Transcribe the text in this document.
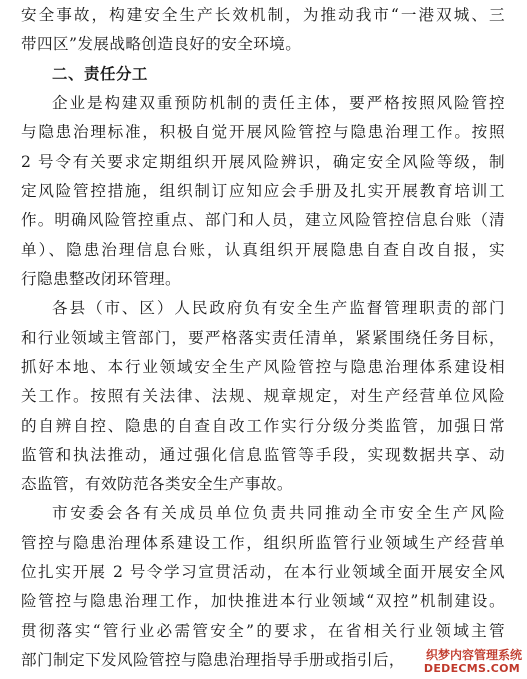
安全事故，构建安全生产长效机制，为推动我市“一港双城、三
带四区”发展战略创造良好的安全环境。
二、责任分工
企业是构建双重预防机制的责任主体，要严格按照风险管控
与隐患治理标准，积极自觉开展风险管控与隐患治理工作。按照
2 号令有关要求定期组织开展风险辨识，确定安全风险等级，制
定风险管控措施，组织制订应知应会手册及扎实开展教育培训工
作。明确风险管控重点、部门和人员，建立风险管控信息台账（清
单）、隐患治理信息台账，认真组织开展隐患自查自改自报，实
行隐患整改闭环管理。
各县（市、区）人民政府负有安全生产监督管理职责的部门
和行业领域主管部门，要严格落实责任清单，紧紧围绕任务目标，
抓好本地、本行业领域安全生产风险管控与隐患治理体系建设相
关工作。按照有关法律、法规、规章规定，对生产经营单位风险
的自辨自控、隐患的自查自改工作实行分级分类监管，加强日常
监管和执法推动，通过强化信息监管等手段，实现数据共享、动
态监管，有效防范各类安全生产事故。
市安委会各有关成员单位负责共同推动全市安全生产风险
管控与隐患治理体系建设工作，组织所监管行业领域生产经营单
位扎实开展 2 号令学习宣贯活动，在本行业领域全面开展安全风
险管控与隐患治理工作，加快推进本行业领域“双控”机制建设。
贯彻落实“管行业必需管安全”的要求，在省相关行业领域主管
部门制定下发风险管控与隐患治理指导手册或指引后，	织梦内容管理系统
DEDECMS.COM
